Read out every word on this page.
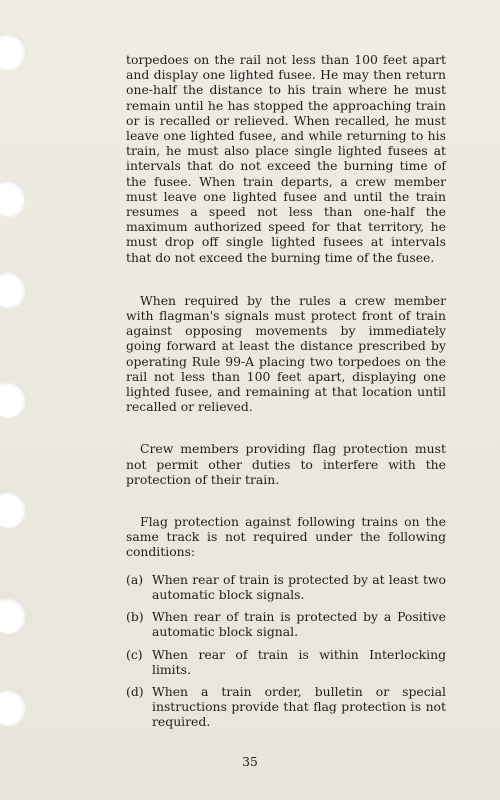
torpedoes on the rail not less than 100 feet apart and display one lighted fusee. He may then return one-half the distance to his train where he must remain until he has stopped the approaching train or is recalled or relieved. When recalled, he must leave one lighted fusee, and while returning to his train, he must also place single lighted fusees at intervals that do not exceed the burning time of the fusee. When train departs, a crew member must leave one lighted fusee and until the train resumes a speed not less than one-half the maximum authorized speed for that territory, he must drop off single lighted fusees at intervals that do not exceed the burning time of the fusee.

When required by the rules a crew member with flagman's signals must protect front of train against opposing movements by immediately going forward at least the distance prescribed by operating Rule 99-A placing two torpedoes on the rail not less than 100 feet apart, displaying one lighted fusee, and remaining at that location until recalled or relieved.

Crew members providing flag protection must not permit other duties to interfere with the protection of their train.

Flag protection against following trains on the same track is not required under the following conditions:

(a) When rear of train is protected by at least two automatic block signals.
(b) When rear of train is protected by a Positive automatic block signal.
(c) When rear of train is within Interlocking limits.
(d) When a train order, bulletin or special instructions provide that flag protection is not required.
35
